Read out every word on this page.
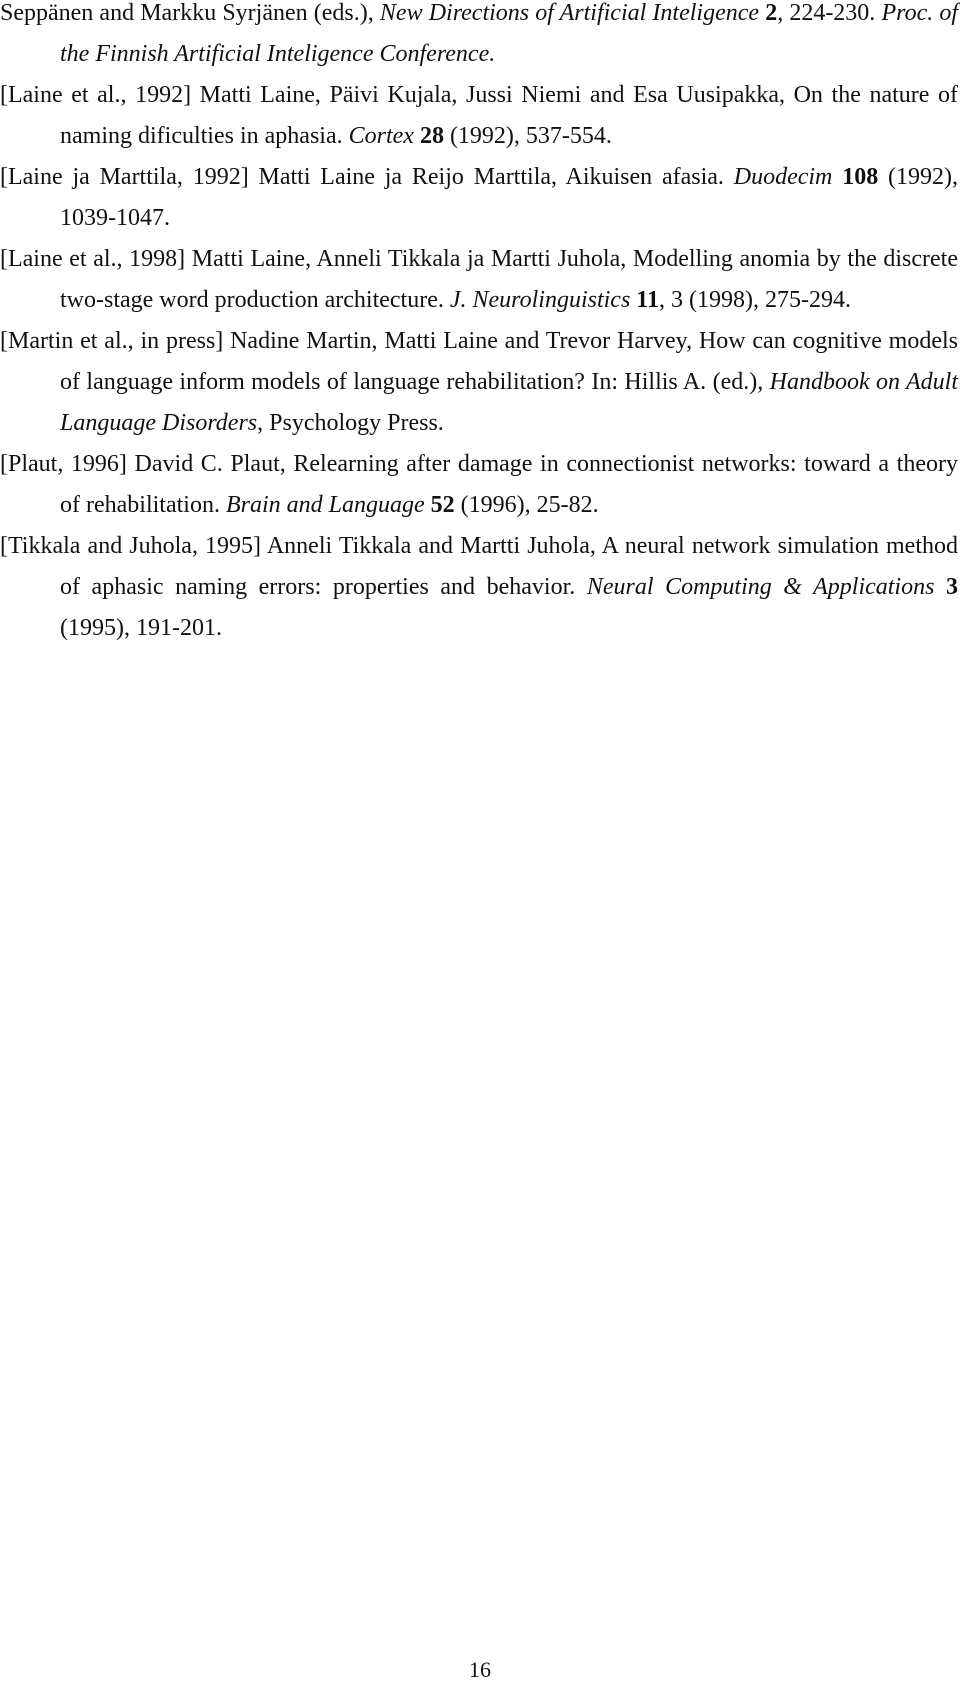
Seppänen and Markku Syrjänen (eds.), New Directions of Artificial Inteligence 2, 224-230. Proc. of the Finnish Artificial Inteligence Conference.

[Laine et al., 1992] Matti Laine, Päivi Kujala, Jussi Niemi and Esa Uusipakka, On the nature of naming dificulties in aphasia. Cortex 28 (1992), 537-554.

[Laine ja Marttila, 1992] Matti Laine ja Reijo Marttila, Aikuisen afasia. Duodecim 108 (1992), 1039-1047.

[Laine et al., 1998] Matti Laine, Anneli Tikkala ja Martti Juhola, Modelling anomia by the discrete two-stage word production architecture. J. Neurolinguistics 11, 3 (1998), 275-294.

[Martin et al., in press] Nadine Martin, Matti Laine and Trevor Harvey, How can cognitive models of language inform models of language rehabilitation? In: Hillis A. (ed.), Handbook on Adult Language Disorders, Psychology Press.

[Plaut, 1996] David C. Plaut, Relearning after damage in connectionist networks: toward a theory of rehabilitation. Brain and Language 52 (1996), 25-82.

[Tikkala and Juhola, 1995] Anneli Tikkala and Martti Juhola, A neural network simulation method of aphasic naming errors: properties and behavior. Neural Computing & Applications 3 (1995), 191-201.

16
